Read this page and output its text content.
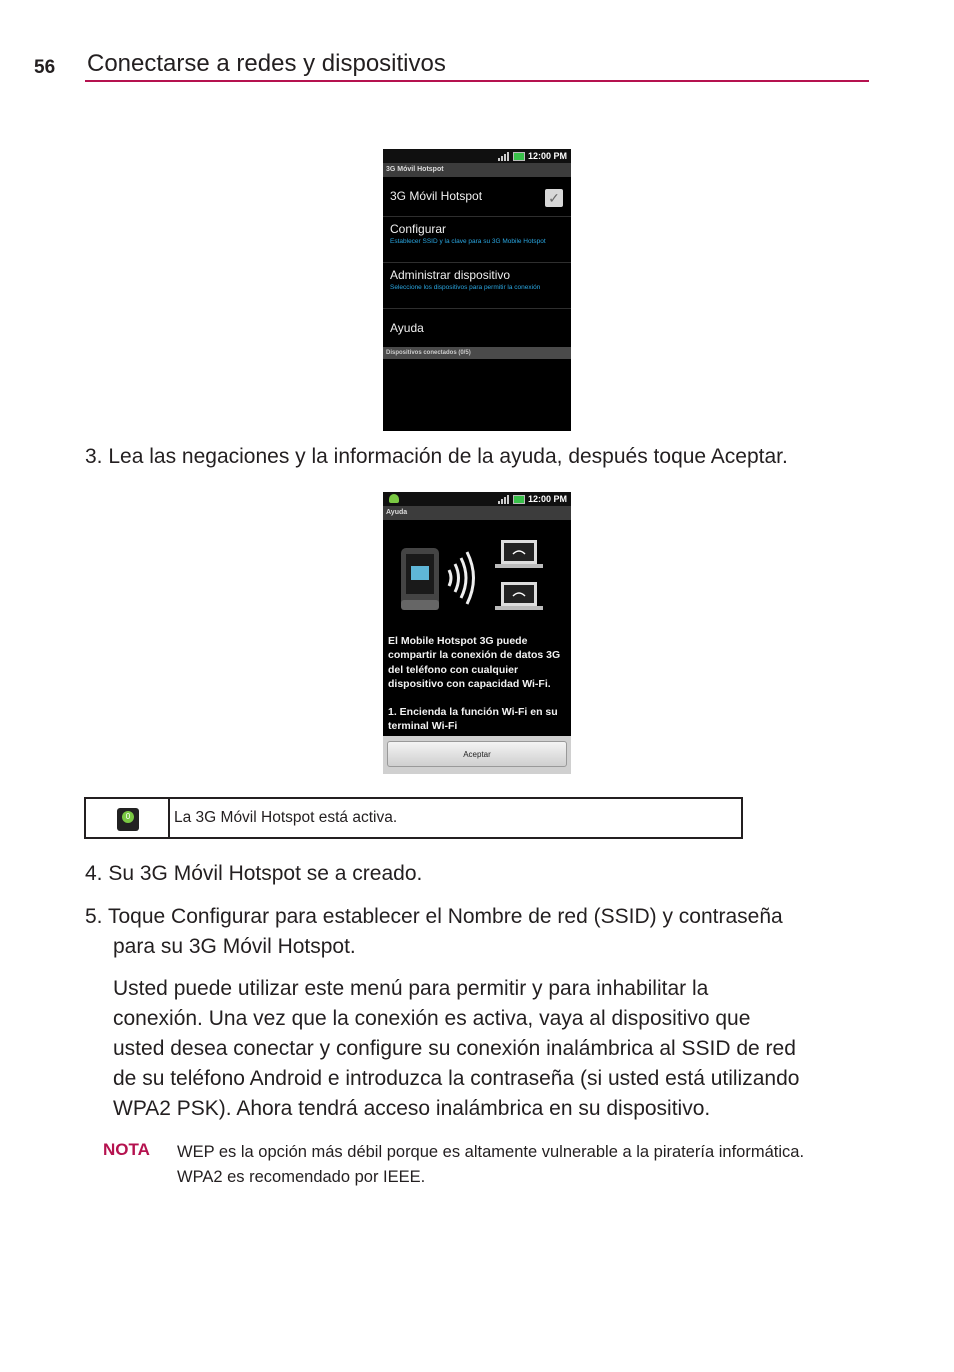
56 Conectarse a redes y dispositivos
12:00 PM
3G Móvil Hotspot
3G Móvil Hotspot	✓
Configurar
Establecer SSID y la clave para su 3G Mobile Hotspot
Administrar dispositivo
Seleccione los dispositivos para permitir la conexión
Ayuda
Dispositivos conectados (0/5)
3. Lea las negaciones y la información de la ayuda, después toque Aceptar.
12:00 PM
Ayuda
El Mobile Hotspot 3G puede compartir la conexión de datos 3G del teléfono con cualquier dispositivo con capacidad Wi-Fi.
1. Encienda la función Wi-Fi en su terminal Wi-Fi
Aceptar
0	La 3G Móvil Hotspot está activa.
4. Su 3G Móvil Hotspot se a creado.
5. Toque Configurar para establecer el Nombre de red (SSID) y contraseña
para su 3G Móvil Hotspot.
Usted puede utilizar este menú para permitir y para inhabilitar la
conexión. Una vez que la conexión es activa, vaya al dispositivo que
usted desea conectar y configure su conexión inalámbrica al SSID de red
de su teléfono Android e introduzca la contraseña (si usted está utilizando
WPA2 PSK). Ahora tendrá acceso inalámbrica en su dispositivo.
NOTA WEP es la opción más débil porque es altamente vulnerable a la piratería informática.
WPA2 es recomendado por IEEE.
